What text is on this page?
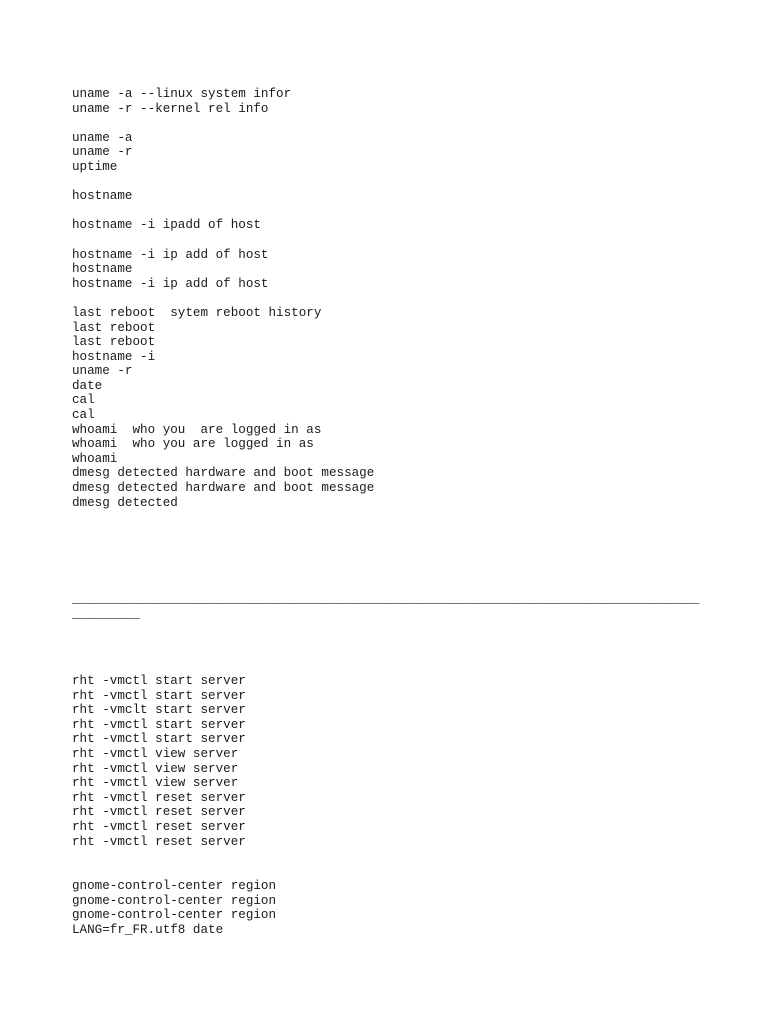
uname -a --linux system infor
uname -r --kernel rel info
uname -a
uname -r
uptime
hostname
hostname -i ipadd of host
hostname -i ip add of host
hostname
hostname -i ip add of host
last reboot  sytem reboot history
last reboot
last reboot
hostname -i
uname -r
date
cal
cal
whoami  who you  are logged in as
whoami  who you are logged in as
whoami
dmesg detected hardware and boot message
dmesg detected hardware and boot message
dmesg detected
___________________________________________________________________________________
_________
rht -vmctl start server
rht -vmctl start server
rht -vmclt start server
rht -vmctl start server
rht -vmctl start server
rht -vmctl view server
rht -vmctl view server
rht -vmctl view server
rht -vmctl reset server
rht -vmctl reset server
rht -vmctl reset server
rht -vmctl reset server
gnome-control-center region
gnome-control-center region
gnome-control-center region
LANG=fr_FR.utf8 date
